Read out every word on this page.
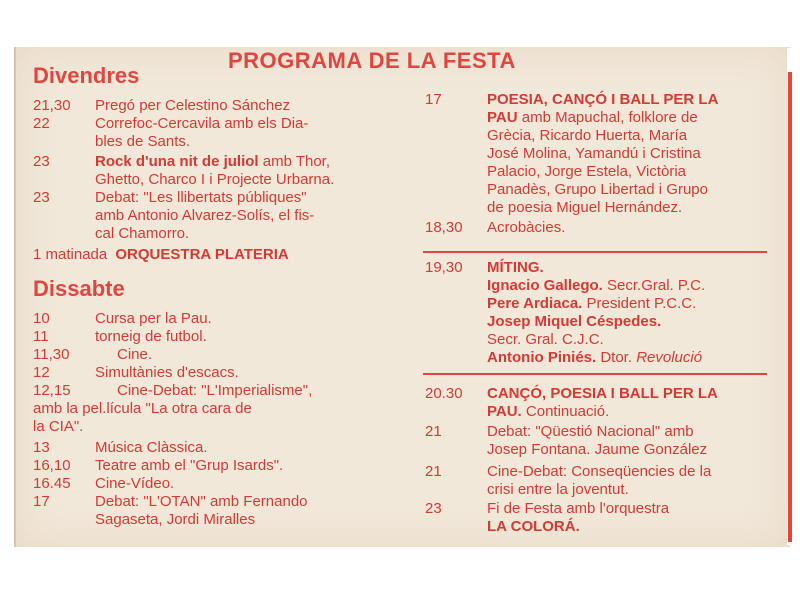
PROGRAMA DE LA FESTA
Divendres
21,30	Pregó per Celestino Sánchez
22	Correfoc-Cercavila amb els Dia-
bles de Sants.
23	Rock d'una nit de juliol amb Thor,
Ghetto, Charco I i Projecte Urbarna.
23	Debat: "Les llibertats públiques"
amb Antonio Alvarez-Solís, el fis-
cal Chamorro.
1 matinada ORQUESTRA PLATERIA
Dissabte
10	Cursa per la Pau.
11	torneig de futbol.
11,30	Cine.
12	Simultànies d'escacs.
12,15	Cine-Debat: "L'Imperialisme",
amb la pel.lícula "La otra cara de
la CIA".
13	Música Clàssica.
16,10	Teatre amb el "Grup Isards".
16.45	Cine-Vídeo.
17	Debat: "L'OTAN" amb Fernando
Sagaseta, Jordi Miralles
17	POESIA, CANÇÓ I BALL PER LA
PAU amb Mapuchal, folklore de
Grècia, Ricardo Huerta, María
José Molina, Yamandú i Cristina
Palacio, Jorge Estela, Victòria
Panadès, Grupo Libertad i Grupo
de poesia Miguel Hernández.
18,30	Acrobàcies.
19,30	MÍTING.
Ignacio Gallego. Secr.Gral. P.C.
Pere Ardiaca. President P.C.C.
Josep Miquel Céspedes.
Secr. Gral. C.J.C.
Antonio Piniés. Dtor. Revolució
20.30	CANÇÓ, POESIA I BALL PER LA
PAU. Continuació.
21	Debat: "Qüestió Nacional" amb
Josep Fontana. Jaume González
21	Cine-Debat: Conseqüencies de la
crisi entre la joventut.
23	Fi de Festa amb l'orquestra
LA COLORÁ.
